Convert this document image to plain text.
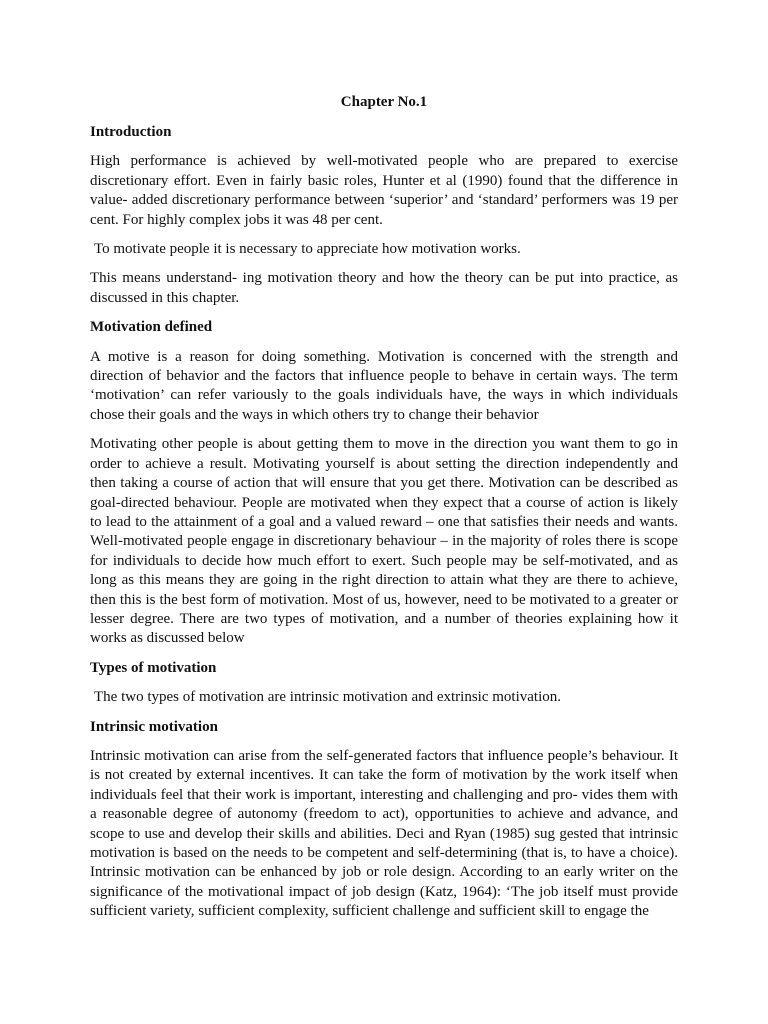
Chapter No.1
Introduction

High performance is achieved by well-motivated people who are prepared to exercise discretionary effort. Even in fairly basic roles, Hunter et al (1990) found that the difference in value- added discretionary performance between ‘superior’ and ‘standard’ performers was 19 per cent. For highly complex jobs it was 48 per cent.

To motivate people it is necessary to appreciate how motivation works.

This means understand- ing motivation theory and how the theory can be put into practice, as discussed in this chapter.

Motivation defined

A motive is a reason for doing something. Motivation is concerned with the strength and direction of behavior and the factors that influence people to behave in certain ways. The term ‘motivation’ can refer variously to the goals individuals have, the ways in which individuals chose their goals and the ways in which others try to change their behavior

Motivating other people is about getting them to move in the direction you want them to go in order to achieve a result. Motivating yourself is about setting the direction independently and then taking a course of action that will ensure that you get there. Motivation can be described as goal-directed behaviour. People are motivated when they expect that a course of action is likely to lead to the attainment of a goal and a valued reward – one that satisfies their needs and wants. Well-motivated people engage in discretionary behaviour – in the majority of roles there is scope for individuals to decide how much effort to exert. Such people may be self-motivated, and as long as this means they are going in the right direction to attain what they are there to achieve, then this is the best form of motivation. Most of us, however, need to be motivated to a greater or lesser degree. There are two types of motivation, and a number of theories explaining how it works as discussed below

Types of motivation

The two types of motivation are intrinsic motivation and extrinsic motivation.

Intrinsic motivation

Intrinsic motivation can arise from the self-generated factors that influence people’s behaviour. It is not created by external incentives. It can take the form of motivation by the work itself when individuals feel that their work is important, interesting and challenging and pro- vides them with a reasonable degree of autonomy (freedom to act), opportunities to achieve and advance, and scope to use and develop their skills and abilities. Deci and Ryan (1985) sug gested that intrinsic motivation is based on the needs to be competent and self-determining (that is, to have a choice). Intrinsic motivation can be enhanced by job or role design. According to an early writer on the significance of the motivational impact of job design (Katz, 1964): ‘The job itself must provide sufficient variety, sufficient complexity, sufficient challenge and sufficient skill to engage the
